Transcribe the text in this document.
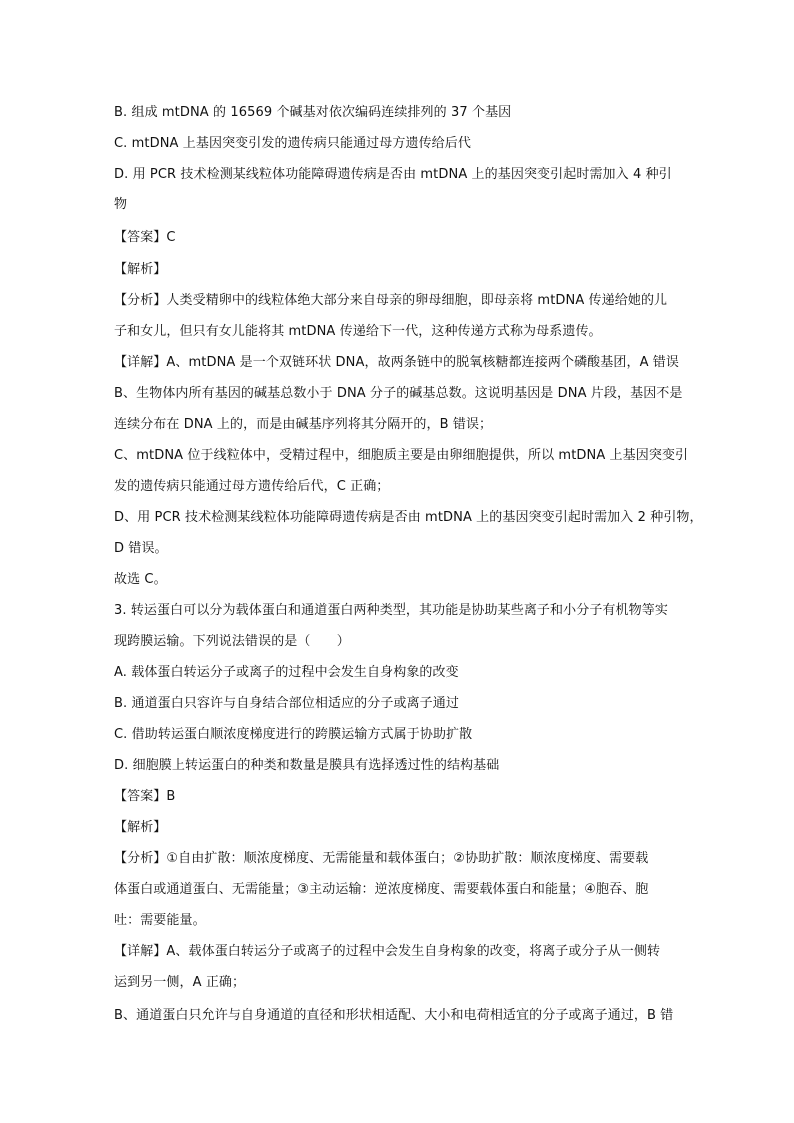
B. 组成 mtDNA 的 16569 个碱基对依次编码连续排列的 37 个基因
C. mtDNA 上基因突变引发的遗传病只能通过母方遗传给后代
D. 用 PCR 技术检测某线粒体功能障碍遗传病是否由 mtDNA 上的基因突变引起时需加入 4 种引
物
【答案】C
【解析】
【分析】人类受精卵中的线粒体绝大部分来自母亲的卵母细胞，即母亲将 mtDNA 传递给她的儿
子和女儿，但只有女儿能将其 mtDNA 传递给下一代，这种传递方式称为母系遗传。
【详解】A、mtDNA 是一个双链环状 DNA，故两条链中的脱氧核糖都连接两个磷酸基团，A 错误
B、生物体内所有基因的碱基总数小于 DNA 分子的碱基总数。这说明基因是 DNA 片段，基因不是
连续分布在 DNA 上的，而是由碱基序列将其分隔开的，B 错误；
C、mtDNA 位于线粒体中，受精过程中，细胞质主要是由卵细胞提供，所以 mtDNA 上基因突变引
发的遗传病只能通过母方遗传给后代，C 正确；
D、用 PCR 技术检测某线粒体功能障碍遗传病是否由 mtDNA 上的基因突变引起时需加入 2 种引物，
D 错误。
故选 C。
3. 转运蛋白可以分为载体蛋白和通道蛋白两种类型，其功能是协助某些离子和小分子有机物等实
现跨膜运输。下列说法错误的是（　　）
A. 载体蛋白转运分子或离子的过程中会发生自身构象的改变
B. 通道蛋白只容许与自身结合部位相适应的分子或离子通过
C. 借助转运蛋白顺浓度梯度进行的跨膜运输方式属于协助扩散
D. 细胞膜上转运蛋白的种类和数量是膜具有选择透过性的结构基础
【答案】B
【解析】
【分析】①自由扩散：顺浓度梯度、无需能量和载体蛋白；②协助扩散：顺浓度梯度、需要载
体蛋白或通道蛋白、无需能量；③主动运输：逆浓度梯度、需要载体蛋白和能量；④胞吞、胞
吐：需要能量。
【详解】A、载体蛋白转运分子或离子的过程中会发生自身构象的改变，将离子或分子从一侧转
运到另一侧，A 正确；
B、通道蛋白只允许与自身通道的直径和形状相适配、大小和电荷相适宜的分子或离子通过，B 错
